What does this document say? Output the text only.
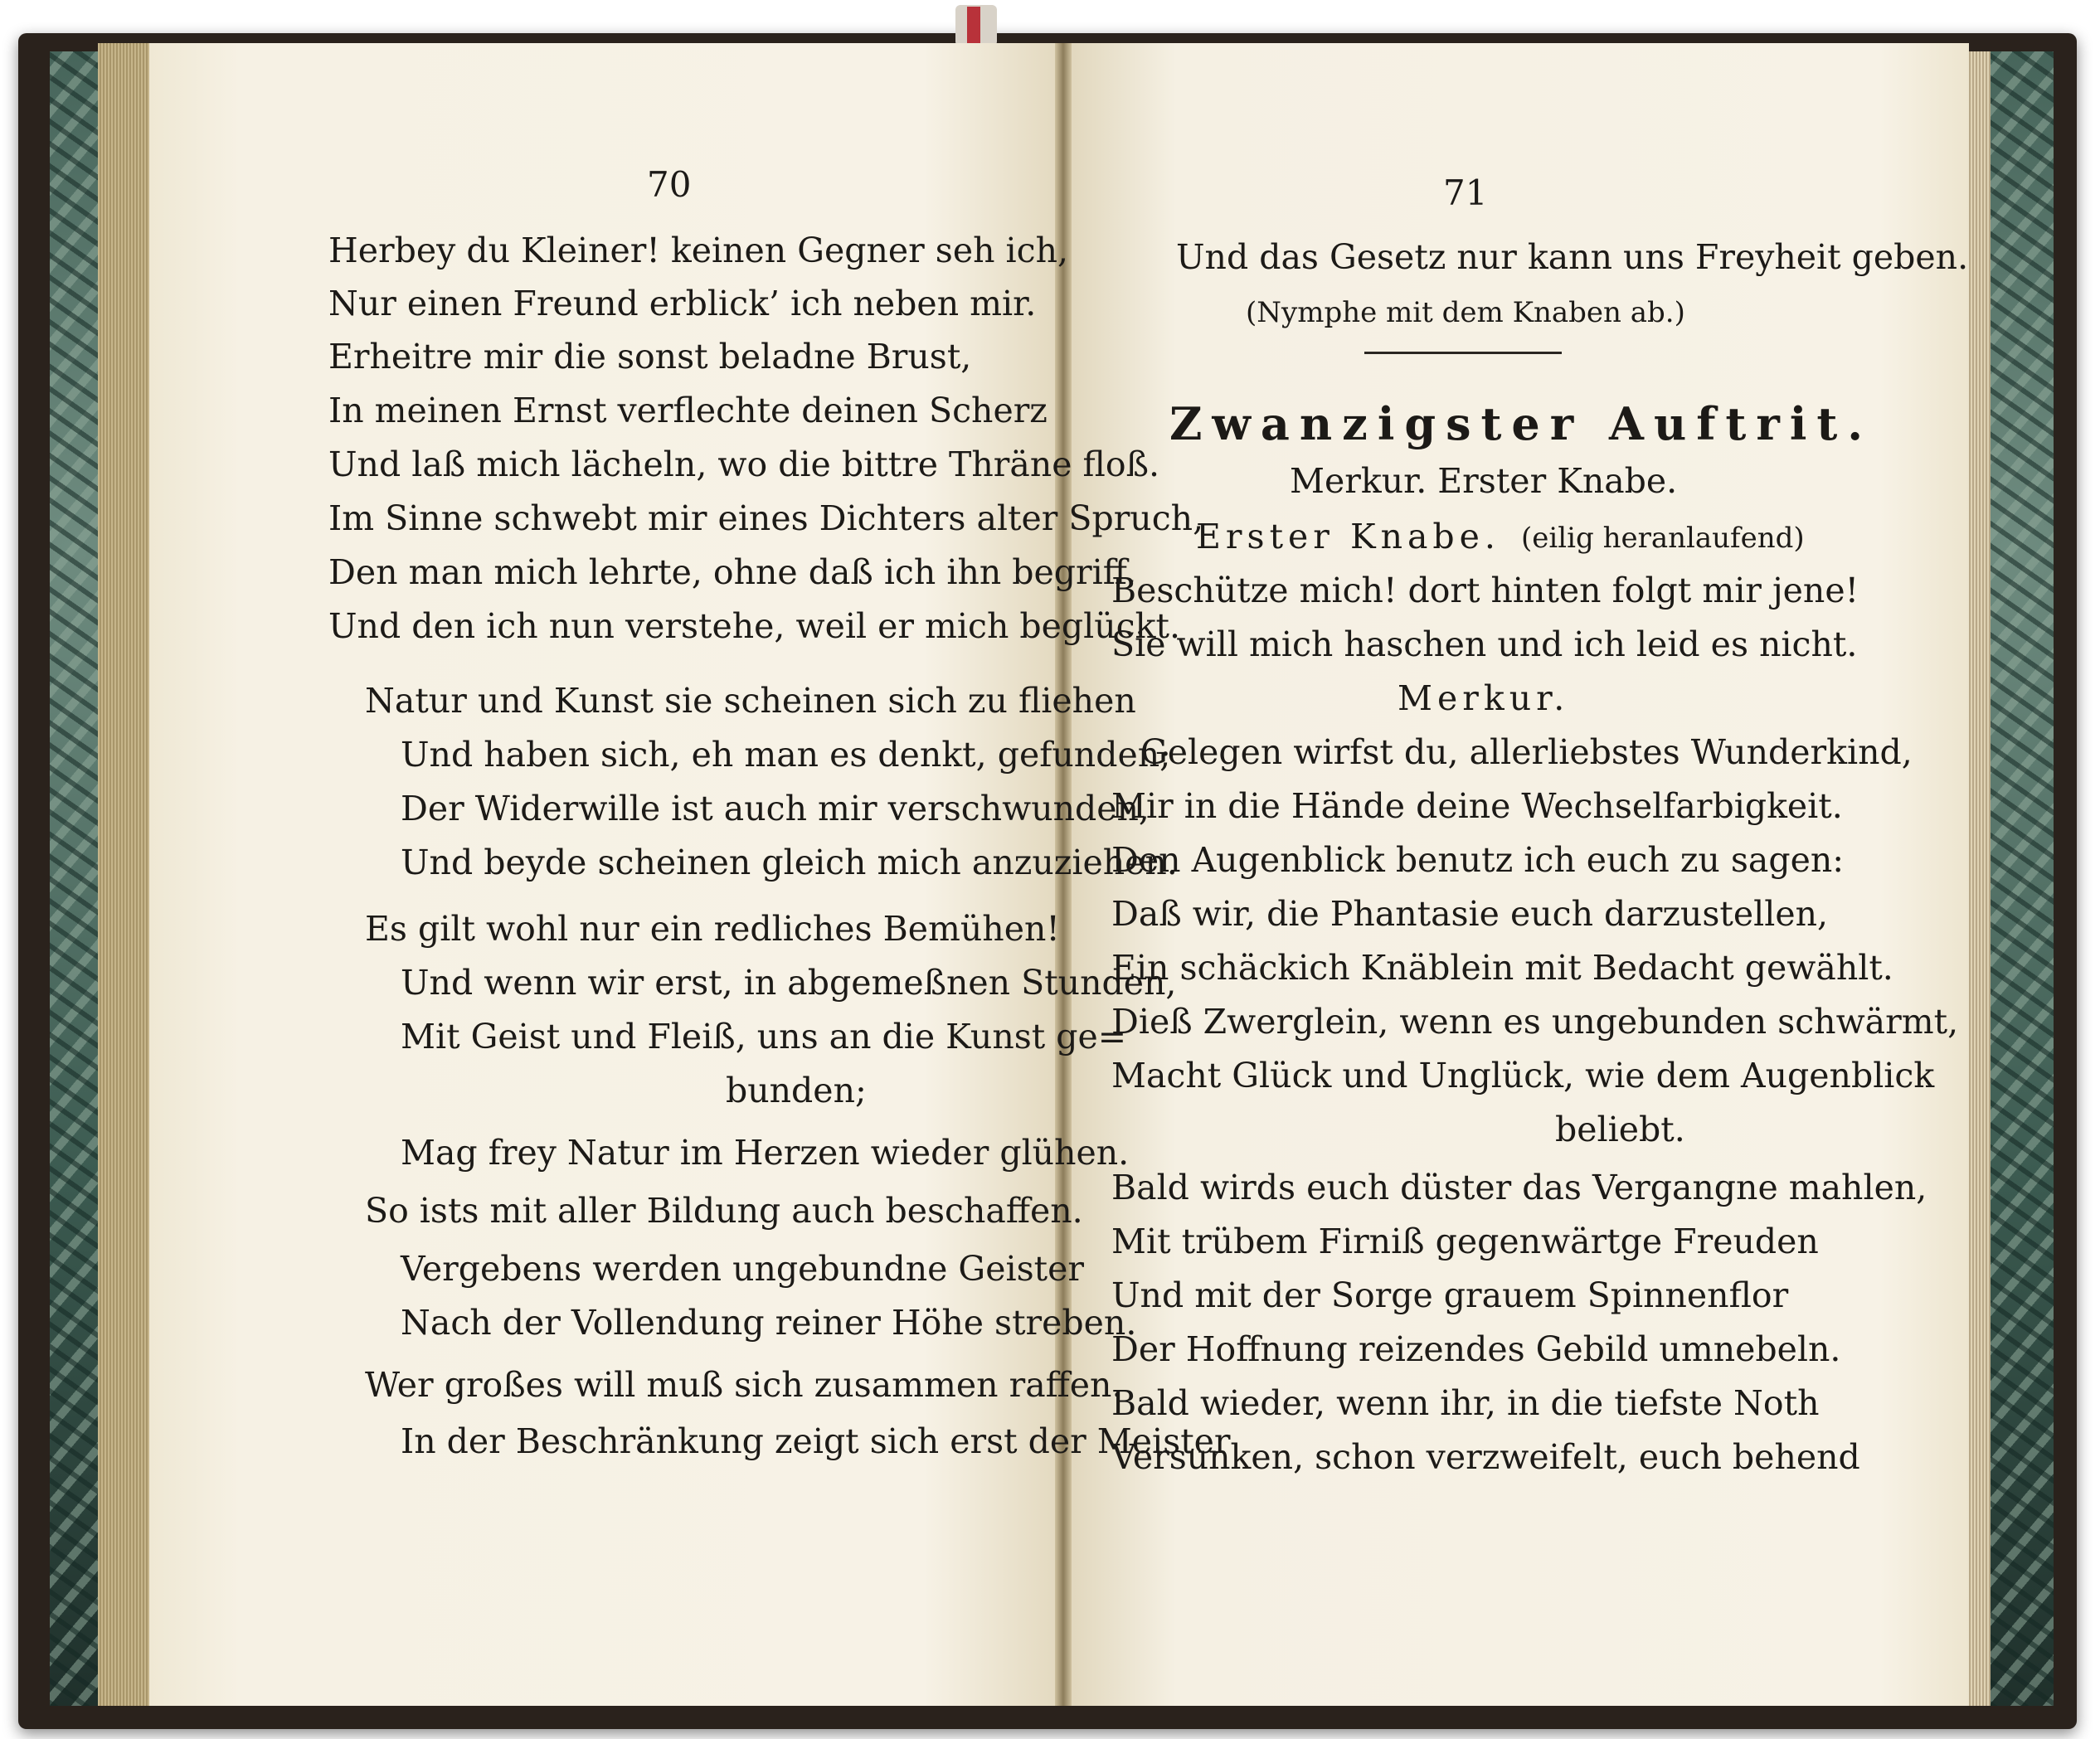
70
Herbey du Kleiner! keinen Gegner seh ich,
Nur einen Freund erblick’ ich neben mir.
Erheitre mir die sonst beladne Brust,
In meinen Ernst verflechte deinen Scherz
Und laß mich lächeln, wo die bittre Thräne floß.
Im Sinne schwebt mir eines Dichters alter Spruch,
Den man mich lehrte, ohne daß ich ihn begriff,
Und den ich nun verstehe, weil er mich beglückt.
Natur und Kunst sie scheinen sich zu fliehen
Und haben sich, eh man es denkt, gefunden;
Der Widerwille ist auch mir verschwunden,
Und beyde scheinen gleich mich anzuziehen.
Es gilt wohl nur ein redliches Bemühen!
Und wenn wir erst, in abgemeßnen Stunden,
Mit Geist und Fleiß, uns an die Kunst ge=
bunden;
Mag frey Natur im Herzen wieder glühen.
So ists mit aller Bildung auch beschaffen.
Vergebens werden ungebundne Geister
Nach der Vollendung reiner Höhe streben.
Wer großes will muß sich zusammen raffen.
In der Beschränkung zeigt sich erst der Meister
71
Und das Gesetz nur kann uns Freyheit geben.
(Nymphe mit dem Knaben ab.)
Zwanzigster Auftrit.
Merkur. Erster Knabe.
Erster Knabe. (eilig heranlaufend)
Beschütze mich! dort hinten folgt mir jene!
Sie will mich haschen und ich leid es nicht.
Merkur.
Gelegen wirfst du, allerliebstes Wunderkind,
Mir in die Hände deine Wechselfarbigkeit.
Den Augenblick benutz ich euch zu sagen:
Daß wir, die Phantasie euch darzustellen,
Ein schäckich Knäblein mit Bedacht gewählt.
Dieß Zwerglein, wenn es ungebunden schwärmt,
Macht Glück und Unglück, wie dem Augenblick
beliebt.
Bald wirds euch düster das Vergangne mahlen,
Mit trübem Firniß gegenwärtge Freuden
Und mit der Sorge grauem Spinnenflor
Der Hoffnung reizendes Gebild umnebeln.
Bald wieder, wenn ihr, in die tiefste Noth
Versunken, schon verzweifelt, euch behend
